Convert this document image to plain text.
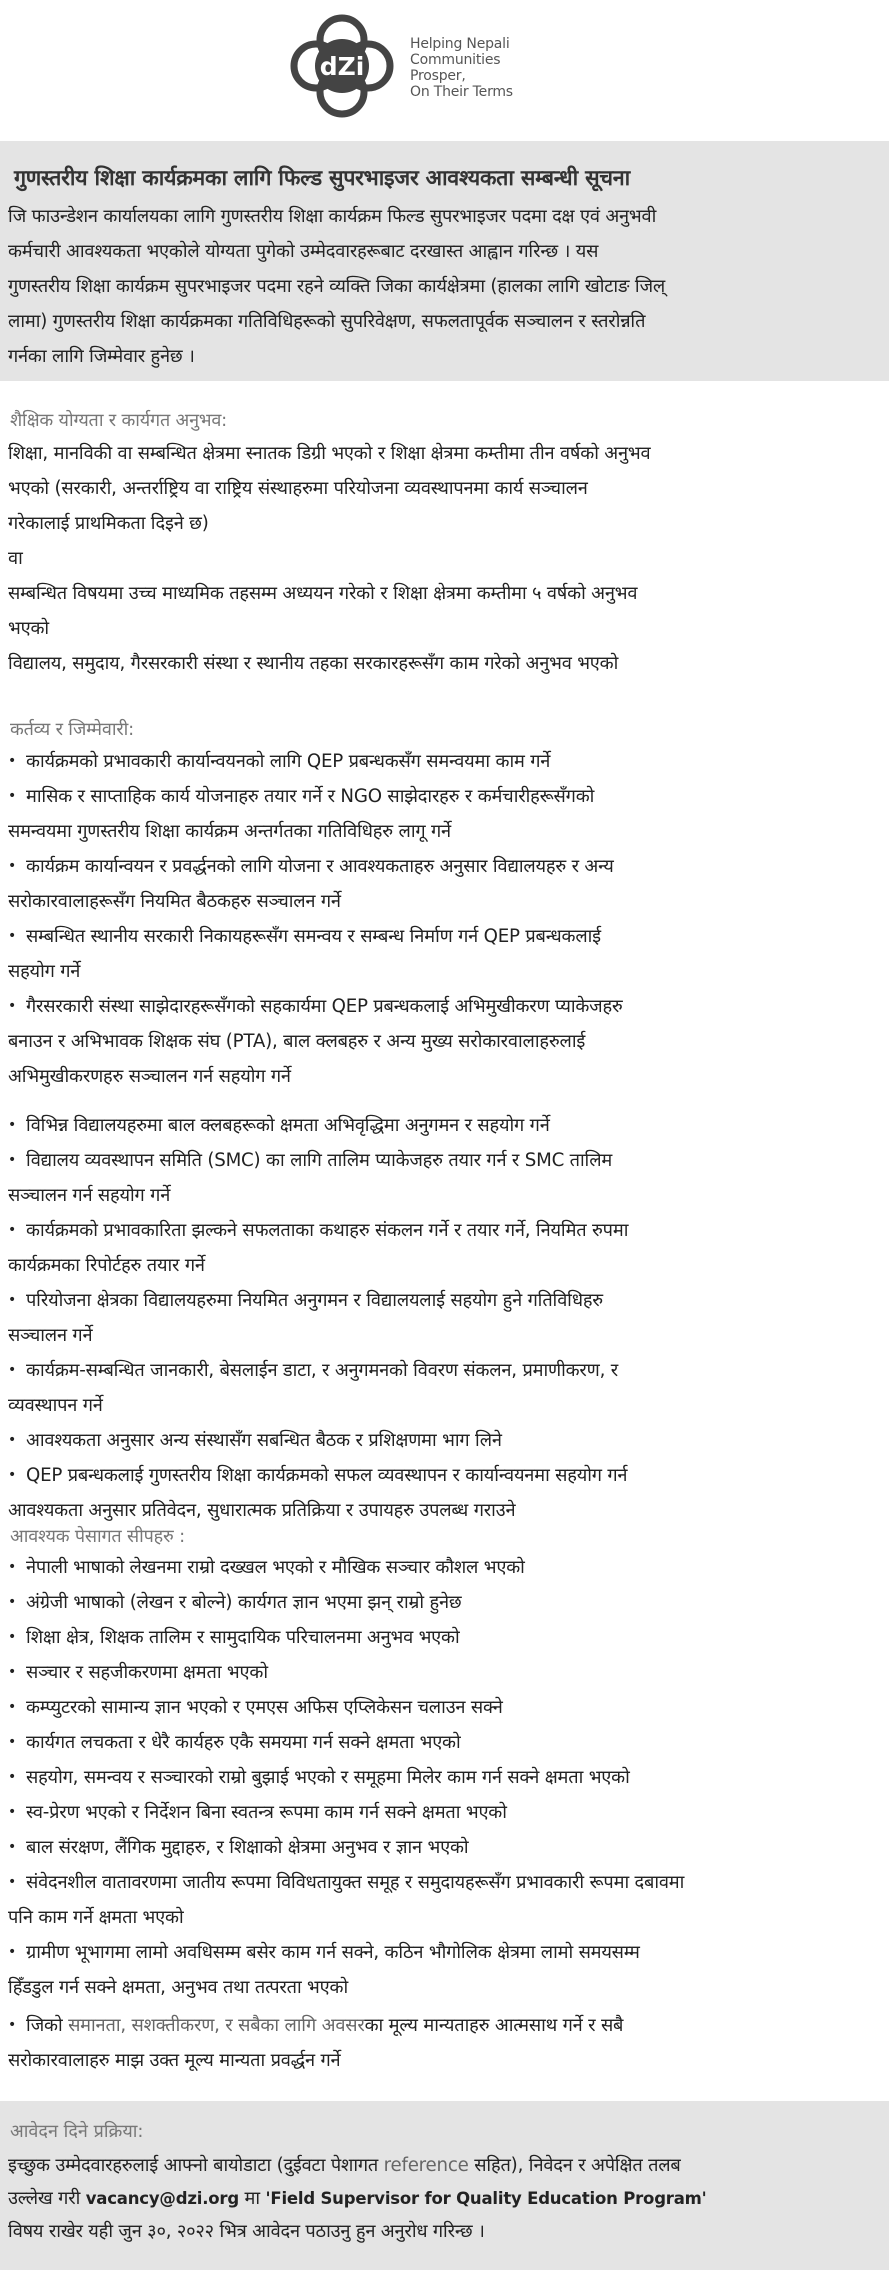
dZi
Helping Nepali
Communities
Prosper,
On Their Terms
गुणस्तरीय शिक्षा कार्यक्रमका लागि फिल्ड सुपरभाइजर आवश्यकता सम्बन्धी सूचना
जि फाउन्डेशन कार्यालयका लागि गुणस्तरीय शिक्षा कार्यक्रम फिल्ड सुपरभाइजर पदमा दक्ष एवं अनुभवी
कर्मचारी आवश्यकता भएकोले योग्यता पुगेको उम्मेदवारहरूबाट दरखास्त आह्वान गरिन्छ । यस
गुणस्तरीय शिक्षा कार्यक्रम सुपरभाइजर पदमा रहने व्यक्ति जिका कार्यक्षेत्रमा (हालका लागि खोटाङ जिल्
लामा) गुणस्तरीय शिक्षा कार्यक्रमका गतिविधिहरूको सुपरिवेक्षण, सफलतापूर्वक सञ्चालन र स्तरोन्नति
गर्नका लागि जिम्मेवार हुनेछ ।
शैक्षिक योग्यता र कार्यगत अनुभव:
शिक्षा, मानविकी वा सम्बन्धित क्षेत्रमा स्नातक डिग्री भएको र शिक्षा क्षेत्रमा कम्तीमा तीन वर्षको अनुभव
भएको (सरकारी, अन्तर्राष्ट्रिय वा राष्ट्रिय संस्थाहरुमा परियोजना व्यवस्थापनमा कार्य सञ्चालन
गरेकालाई प्राथमिकता दिइने छ)
वा
सम्बन्धित विषयमा उच्च माध्यमिक तहसम्म अध्ययन गरेको र शिक्षा क्षेत्रमा कम्तीमा ५ वर्षको अनुभव
भएको
विद्यालय, समुदाय, गैरसरकारी संस्था र स्थानीय तहका सरकारहरूसँग काम गरेको अनुभव भएको
कर्तव्य र जिम्मेवारी:
• कार्यक्रमको प्रभावकारी कार्यान्वयनको लागि QEP प्रबन्धकसँग समन्वयमा काम गर्ने
• मासिक र साप्ताहिक कार्य योजनाहरु तयार गर्ने र NGO साझेदारहरु र कर्मचारीहरूसँगको
समन्वयमा गुणस्तरीय शिक्षा कार्यक्रम अन्तर्गतका गतिविधिहरु लागू गर्ने
• कार्यक्रम कार्यान्वयन र प्रवर्द्धनको लागि योजना र आवश्यकताहरु अनुसार विद्यालयहरु र अन्य
सरोकारवालाहरूसँग नियमित बैठकहरु सञ्चालन गर्ने
• सम्बन्धित स्थानीय सरकारी निकायहरूसँग समन्वय र सम्बन्ध निर्माण गर्न QEP प्रबन्धकलाई
सहयोग गर्ने
• गैरसरकारी संस्था साझेदारहरूसँगको सहकार्यमा QEP प्रबन्धकलाई अभिमुखीकरण प्याकेजहरु
बनाउन र अभिभावक शिक्षक संघ (PTA), बाल क्लबहरु र अन्य मुख्य सरोकारवालाहरुलाई
अभिमुखीकरणहरु सञ्चालन गर्न सहयोग गर्ने
• विभिन्न विद्यालयहरुमा बाल क्लबहरूको क्षमता अभिवृद्धिमा अनुगमन र सहयोग गर्ने
• विद्यालय व्यवस्थापन समिति (SMC) का लागि तालिम प्याकेजहरु तयार गर्न र SMC तालिम
सञ्चालन गर्न सहयोग गर्ने
• कार्यक्रमको प्रभावकारिता झल्कने सफलताका कथाहरु संकलन गर्ने र तयार गर्ने, नियमित रुपमा
कार्यक्रमका रिपोर्टहरु तयार गर्ने
• परियोजना क्षेत्रका विद्यालयहरुमा नियमित अनुगमन र विद्यालयलाई सहयोग हुने गतिविधिहरु
सञ्चालन गर्ने
• कार्यक्रम-सम्बन्धित जानकारी, बेसलाईन डाटा, र अनुगमनको विवरण संकलन, प्रमाणीकरण, र
व्यवस्थापन गर्ने
• आवश्यकता अनुसार अन्य संस्थासँग सबन्धित बैठक र प्रशिक्षणमा भाग लिने
• QEP प्रबन्धकलाई गुणस्तरीय शिक्षा कार्यक्रमको सफल व्यवस्थापन र कार्यान्वयनमा सहयोग गर्न
आवश्यकता अनुसार प्रतिवेदन, सुधारात्मक प्रतिक्रिया र उपायहरु उपलब्ध गराउने
आवश्यक पेसागत सीपहरु :
• नेपाली भाषाको लेखनमा राम्रो दख्खल भएको र मौखिक सञ्चार कौशल भएको
• अंग्रेजी भाषाको (लेखन र बोल्ने) कार्यगत ज्ञान भएमा झन् राम्रो हुनेछ
• शिक्षा क्षेत्र, शिक्षक तालिम र सामुदायिक परिचालनमा अनुभव भएको
• सञ्चार र सहजीकरणमा क्षमता भएको
• कम्प्युटरको सामान्य ज्ञान भएको र एमएस अफिस एप्लिकेसन चलाउन सक्ने
• कार्यगत लचकता र धेरै कार्यहरु एकै समयमा गर्न सक्ने क्षमता भएको
• सहयोग, समन्वय र सञ्चारको राम्रो बुझाई भएको र समूहमा मिलेर काम गर्न सक्ने क्षमता भएको
• स्व-प्रेरण भएको र निर्देशन बिना स्वतन्त्र रूपमा काम गर्न सक्ने क्षमता भएको
• बाल संरक्षण, लैंगिक मुद्दाहरु, र शिक्षाको क्षेत्रमा अनुभव र ज्ञान भएको
• संवेदनशील वातावरणमा जातीय रूपमा विविधतायुक्त समूह र समुदायहरूसँग प्रभावकारी रूपमा दबावमा
पनि काम गर्ने क्षमता भएको
• ग्रामीण भूभागमा लामो अवधिसम्म बसेर काम गर्न सक्ने, कठिन भौगोलिक क्षेत्रमा लामो समयसम्म
हिँडडुल गर्न सक्ने क्षमता, अनुभव तथा तत्परता भएको
• जिको समानता, सशक्तीकरण, र सबैका लागि अवसरका मूल्य मान्यताहरु आत्मसाथ गर्ने र सबै
सरोकारवालाहरु माझ उक्त मूल्य मान्यता प्रवर्द्धन गर्ने
आवेदन दिने प्रक्रिया:
इच्छुक उम्मेदवारहरुलाई आफ्नो बायोडाटा (दुईवटा पेशागत reference सहित), निवेदन र अपेक्षित तलब
उल्लेख गरी vacancy@dzi.org मा 'Field Supervisor for Quality Education Program'
विषय राखेर यही जुन ३०, २०२२ भित्र आवेदन पठाउनु हुन अनुरोध गरिन्छ ।
